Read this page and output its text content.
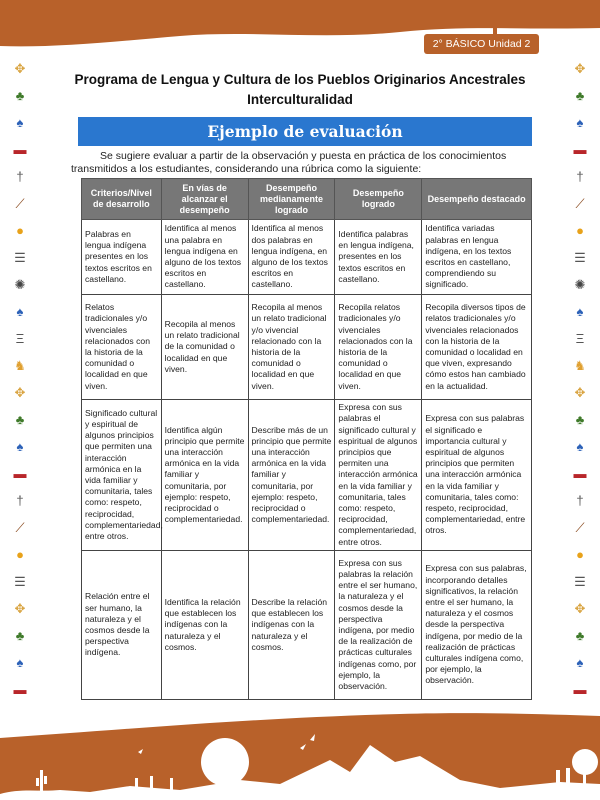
2° BÁSICO Unidad 2
✥
♣
♠
▬
†
⟋
●
☰
✺
♠
Ξ
♞
✥
♣
♠
▬
†
⟋
●
☰
✥
♣
♠
▬
✥
♣
♠
▬
†
⟋
●
☰
✺
♠
Ξ
♞
✥
♣
♠
▬
†
⟋
●
☰
✥
♣
♠
▬
Programa de Lengua y Cultura de los Pueblos Originarios Ancestrales
Interculturalidad
Ejemplo de evaluación
Se sugiere evaluar a partir de la observación y puesta en práctica de los conocimientos transmitidos a los estudiantes, considerando una rúbrica como la siguiente:
Criterios/Nivel de desarrollo	En vías de alcanzar el desempeño	Desempeño medianamente logrado	Desempeño logrado	Desempeño destacado
Palabras en lengua indígena presentes en los textos escritos en castellano.	Identifica al menos una palabra en lengua indígena en alguno de los textos escritos en castellano.	Identifica al menos dos palabras en lengua indígena, en alguno de los textos escritos en castellano.	Identifica palabras en lengua indígena, presentes en los textos escritos en castellano.	Identifica variadas palabras en lengua indígena, en los textos escritos en castellano, comprendiendo su significado.
Relatos tradicionales y/o vivenciales relacionados con la historia de la comunidad o localidad en que viven.	Recopila al menos un relato tradicional de la comunidad o localidad en que viven.	Recopila al menos un relato tradicional y/o vivencial relacionado con la historia de la comunidad o localidad en que viven.	Recopila relatos tradicionales y/o vivenciales relacionados con la historia de la comunidad o localidad en que viven.	Recopila diversos tipos de relatos tradicionales y/o vivenciales relacionados con la historia de la comunidad o localidad en que viven, expresando cómo estos han cambiado en la actualidad.
Significado cultural y espiritual de algunos principios que permiten una interacción armónica en la vida familiar y comunitaria, tales como: respeto, reciprocidad, complementariedad, entre otros.	Identifica algún principio que permite una interacción armónica en la vida familiar y comunitaria, por ejemplo: respeto, reciprocidad o complementariedad.	Describe más de un principio que permite una interacción armónica en la vida familiar y comunitaria, por ejemplo: respeto, reciprocidad o complementariedad.	Expresa con sus palabras el significado cultural y espiritual de algunos principios que permiten una interacción armónica en la vida familiar y comunitaria, tales como: respeto, reciprocidad, complementariedad, entre otros.	Expresa con sus palabras el significado e importancia cultural y espiritual de algunos principios que permiten una interacción armónica en la vida familiar y comunitaria, tales como: respeto, reciprocidad, complementariedad, entre otros.
Relación entre el ser humano, la naturaleza y el cosmos desde la perspectiva indígena.	Identifica la relación que establecen los indígenas con la naturaleza y el cosmos.	Describe la relación que establecen los indígenas con la naturaleza y el cosmos.	Expresa con sus palabras la relación entre el ser humano, la naturaleza y el cosmos desde la perspectiva indígena, por medio de la realización de prácticas culturales indígenas como, por ejemplo, la observación.	Expresa con sus palabras, incorporando detalles significativos, la relación entre el ser humano, la naturaleza y el cosmos desde la perspectiva indígena, por medio de la realización de prácticas culturales indígena como, por ejemplo, la observación.
